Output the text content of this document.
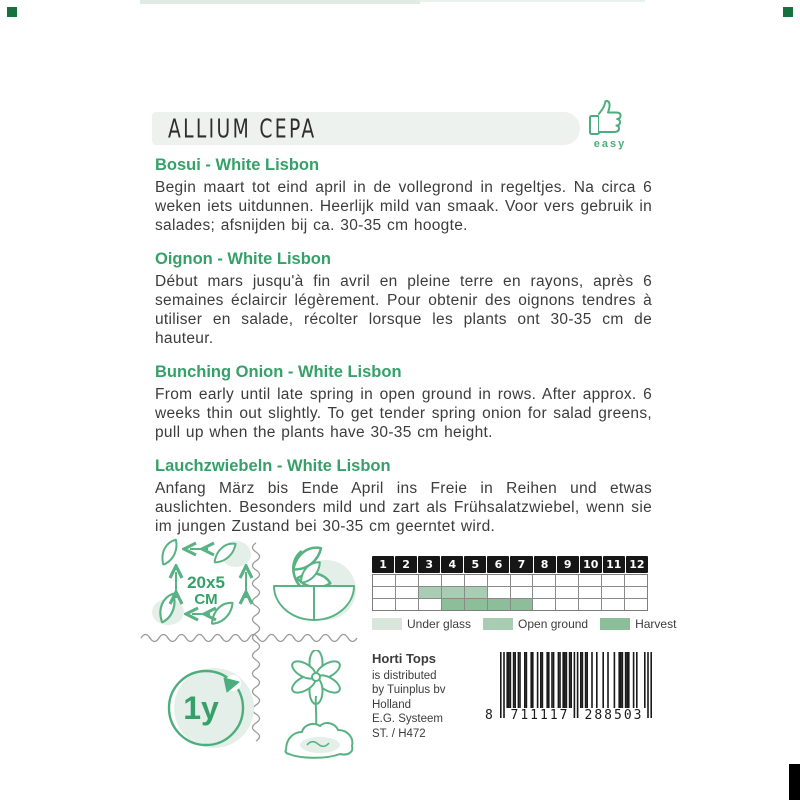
ALLIUM CEPA
easy
Bosui - White Lisbon

Begin maart tot eind april in de vollegrond in regeltjes. Na circa 6 weken iets uitdunnen. Heerlijk mild van smaak. Voor vers gebruik in salades; afsnijden bij ca. 30-35 cm hoogte.

Oignon - White Lisbon

Début mars jusqu'à fin avril en pleine terre en rayons, après 6 semaines éclaircir légèrement. Pour obtenir des oignons tendres à utiliser en salade, récolter lorsque les plants ont 30-35 cm de hauteur.

Bunching Onion - White Lisbon

From early until late spring in open ground in rows. After approx. 6 weeks thin out slightly. To get tender spring onion for salad greens, pull up when the plants have 30-35 cm height.

Lauchzwiebeln - White Lisbon

Anfang März bis Ende April ins Freie in Reihen und etwas auslichten. Besonders mild und zart als Frühsalatzwiebel, wenn sie im jungen Zustand bei 30-35 cm geerntet wird.

20x5
CM
1y
1	2	3	4	5	6	7	8	9	10 11 12
Under glass	Open ground	Harvest
Horti Tops
is distributed
by Tuinplus bv
Holland
E.G. Systeem
ST. / H472
8	711117	288503
